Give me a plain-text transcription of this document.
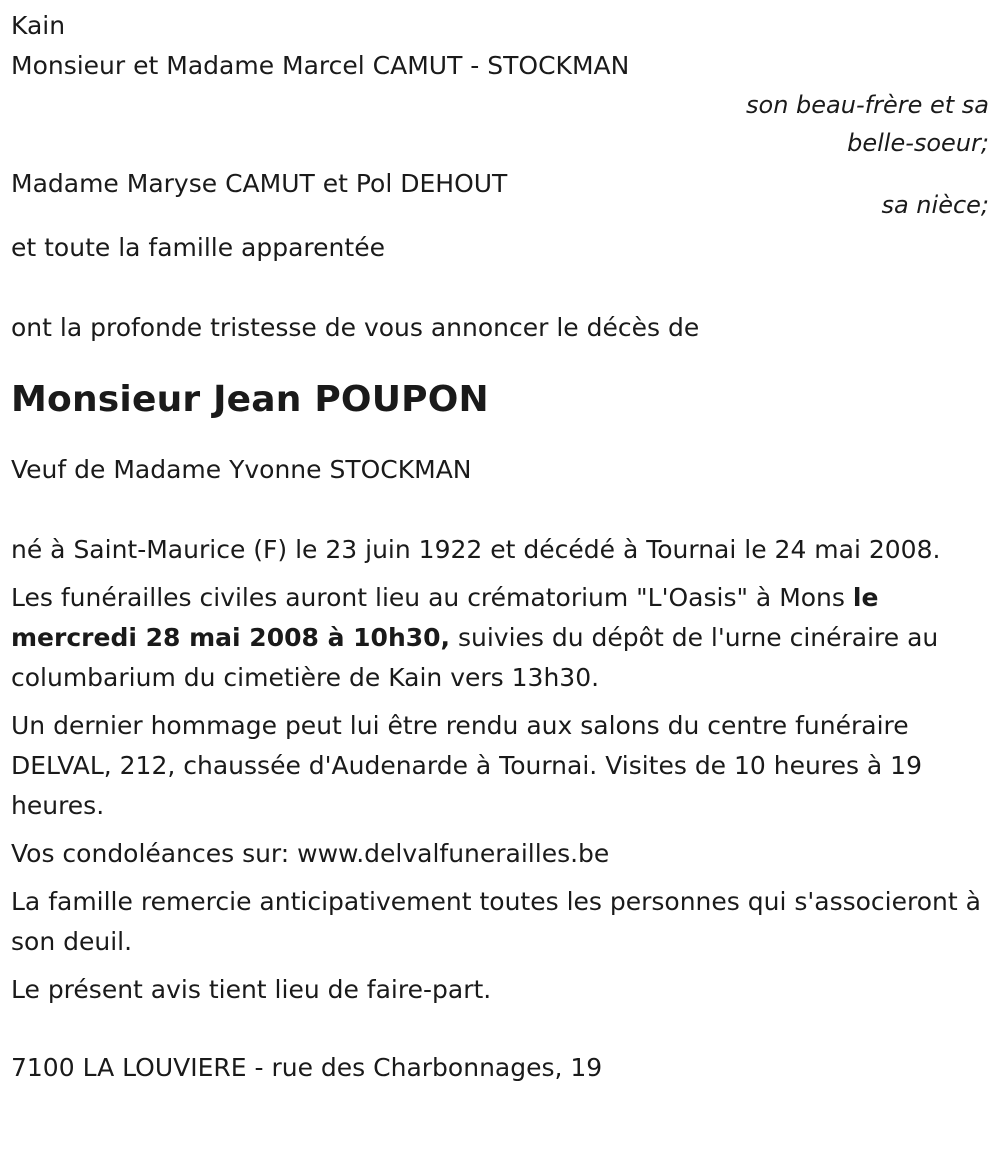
Kain

Monsieur et Madame Marcel CAMUT - STOCKMAN

son beau-frère et sa

belle-soeur;

Madame Maryse CAMUT et Pol DEHOUT

sa nièce;

et toute la famille apparentée

ont la profonde tristesse de vous annoncer le décès de

Monsieur Jean POUPON

Veuf de Madame Yvonne STOCKMAN

né à Saint-Maurice (F) le 23 juin 1922 et décédé à Tournai le 24 mai 2008.

Les funérailles civiles auront lieu au crématorium "L'Oasis" à Mons le mercredi 28 mai 2008 à 10h30, suivies du dépôt de l'urne cinéraire au columbarium du cimetière de Kain vers 13h30.

Un dernier hommage peut lui être rendu aux salons du centre funéraire DELVAL, 212, chaussée d'Audenarde à Tournai. Visites de 10 heures à 19 heures.

Vos condoléances sur: www.delvalfunerailles.be

La famille remercie anticipativement toutes les personnes qui s'associeront à son deuil.

Le présent avis tient lieu de faire-part.

7100 LA LOUVIERE - rue des Charbonnages, 19
